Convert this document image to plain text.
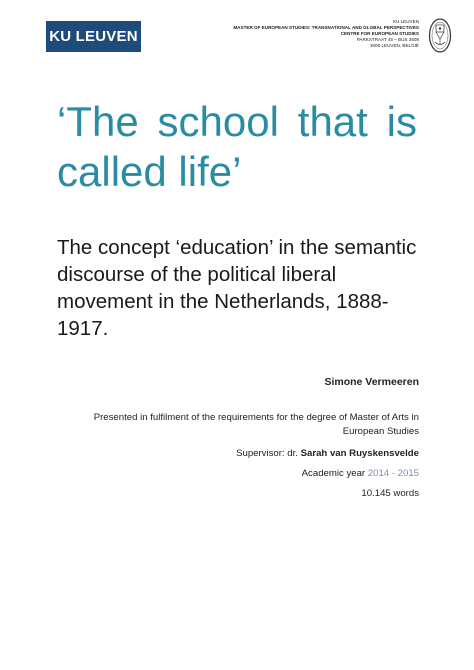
KU LEUVEN
KU LEUVEN
MASTER OF EUROPEAN STUDIES: TRANSNATIONAL AND GLOBAL PERSPECTIVES
CENTRE FOR EUROPEAN STUDIES
PARKSTRAAT 45 – BUS 3609
3000 LEUVEN, BELGIË
‘The school that is called life’
The concept ‘education’ in the semantic discourse of the political liberal movement in the Netherlands, 1888-1917.
Simone Vermeeren
Presented in fulfilment of the requirements for the degree of Master of Arts in European Studies
Supervisor: dr. Sarah van Ruyskensvelde
Academic year 2014 - 2015
10.145 words
